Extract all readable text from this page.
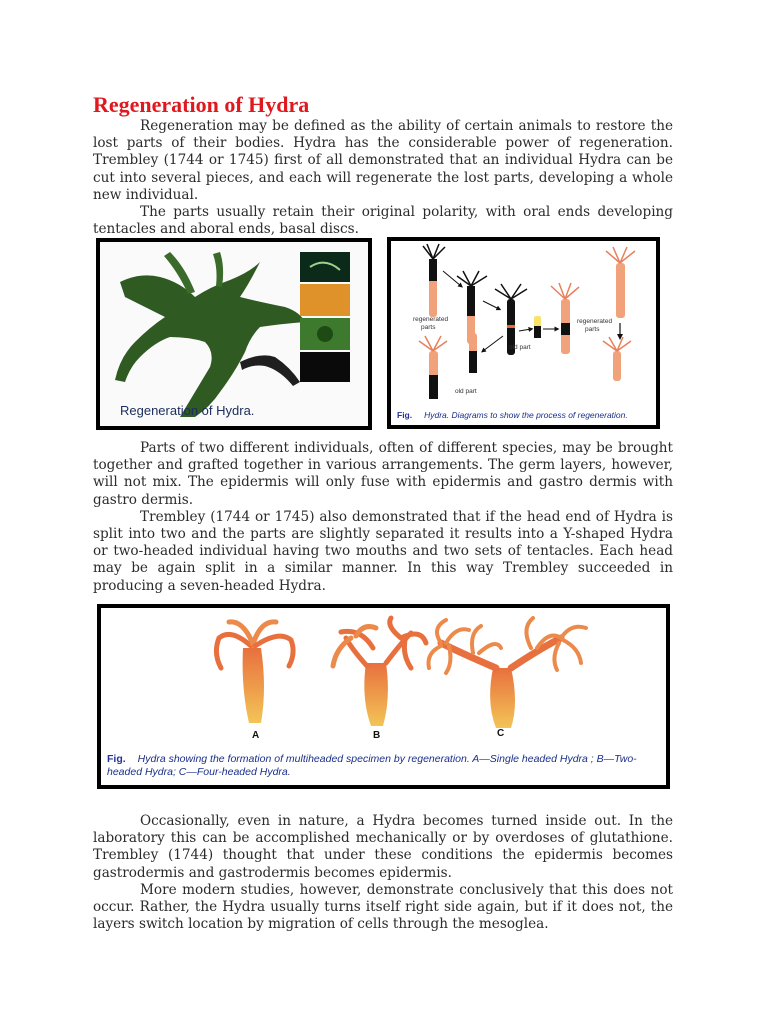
Regeneration of Hydra

Regeneration may be defined as the ability of certain animals to restore the lost parts of their bodies. Hydra has the considerable power of regeneration. Trembley (1744 or 1745) first of all demonstrated that an individual Hydra can be cut into several pieces, and each will regenerate the lost parts, developing a whole new individual.

The parts usually retain their original polarity, with oral ends developing tentacles and aboral ends, basal discs.

Regeneration of Hydra.

regenerated
parts
old part
regenerated
parts
old part

Fig. Hydra. Diagrams to show the process of regeneration.

Parts of two different individuals, often of different species, may be brought together and grafted together in various arrangements. The germ layers, however, will not mix. The epidermis will only fuse with epidermis and gastro dermis with gastro dermis.

Trembley (1744 or 1745) also demonstrated that if the head end of Hydra is split into two and the parts are slightly separated it results into a Y-shaped Hydra or two-headed individual having two mouths and two sets of tentacles. Each head may be again split in a similar manner. In this way Trembley succeeded in producing a seven-headed Hydra.

A	B	C

Fig. Hydra showing the formation of multiheaded specimen by regeneration. A—Single headed Hydra ; B—Two-headed Hydra; C—Four-headed Hydra.

Occasionally, even in nature, a Hydra becomes turned inside out. In the laboratory this can be accomplished mechanically or by overdoses of glutathione. Trembley (1744) thought that under these conditions the epidermis becomes gastrodermis and gastrodermis becomes epidermis.

More modern studies, however, demonstrate conclusively that this does not occur. Rather, the Hydra usually turns itself right side again, but if it does not, the layers switch location by migration of cells through the mesoglea.
